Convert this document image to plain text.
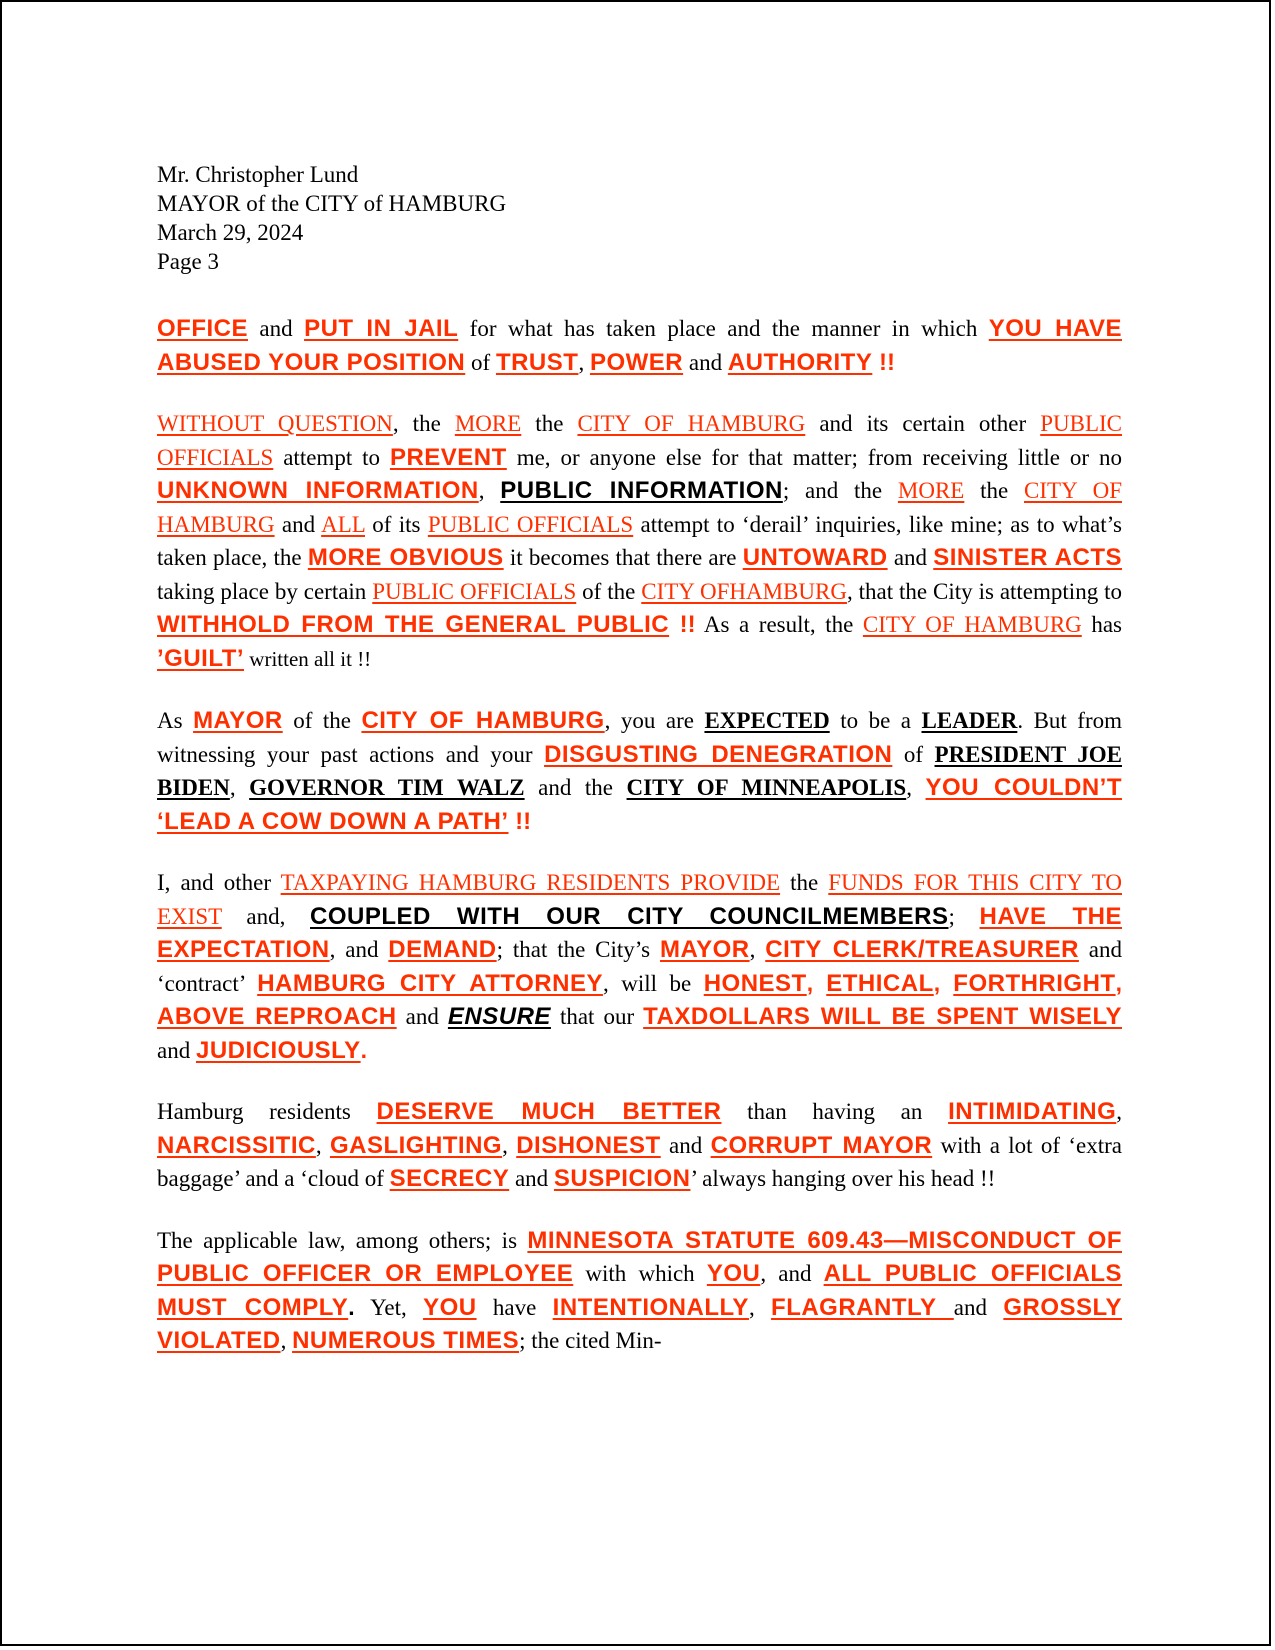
Mr. Christopher Lund
MAYOR of the CITY of HAMBURG
March 29, 2024
Page 3

OFFICE and PUT IN JAIL for what has taken place and the manner in which YOU HAVE ABUSED YOUR POSITION of TRUST, POWER and AUTHORITY !!

WITHOUT QUESTION, the MORE the CITY OF HAMBURG and its certain other PUBLIC OFFICIALS attempt to PREVENT me, or anyone else for that matter; from receiving little or no UNKNOWN INFORMATION, PUBLIC INFORMATION; and the MORE the CITY OF HAMBURG and ALL of its PUBLIC OFFICIALS attempt to ‘derail’ inquiries, like mine; as to what’s taken place, the MORE OBVIOUS it becomes that there are UNTOWARD and SINISTER ACTS taking place by certain PUBLIC OFFICIALS of the CITY OFHAMBURG, that the City is attempting to WITHHOLD FROM THE GENERAL PUBLIC !! As a result, the CITY OF HAMBURG has ’GUILT’ written all it !!

As MAYOR of the CITY OF HAMBURG, you are EXPECTED to be a LEADER. But from witnessing your past actions and your DISGUSTING DENEGRATION of PRESIDENT JOE BIDEN, GOVERNOR TIM WALZ and the CITY OF MINNEAPOLIS, YOU COULDN’T ‘LEAD A COW DOWN A PATH’ !!

I, and other TAXPAYING HAMBURG RESIDENTS PROVIDE the FUNDS FOR THIS CITY TO EXIST and, COUPLED WITH OUR CITY COUNCILMEMBERS; HAVE THE EXPECTATION, and DEMAND; that the City’s MAYOR, CITY CLERK/TREASURER and ‘contract’ HAMBURG CITY ATTORNEY, will be HONEST, ETHICAL, FORTHRIGHT, ABOVE REPROACH and ENSURE that our TAXDOLLARS WILL BE SPENT WISELY and JUDICIOUSLY.

Hamburg residents DESERVE MUCH BETTER than having an INTIMIDATING, NARCISSITIC, GASLIGHTING, DISHONEST and CORRUPT MAYOR with a lot of ‘extra baggage’ and a ‘cloud of SECRECY and SUSPICION’ always hanging over his head !!

The applicable law, among others; is MINNESOTA STATUTE 609.43—MISCONDUCT OF PUBLIC OFFICER OR EMPLOYEE with which YOU, and ALL PUBLIC OFFICIALS MUST COMPLY. Yet, YOU have INTENTIONALLY, FLAGRANTLY and GROSSLY VIOLATED, NUMEROUS TIMES; the cited Min-
